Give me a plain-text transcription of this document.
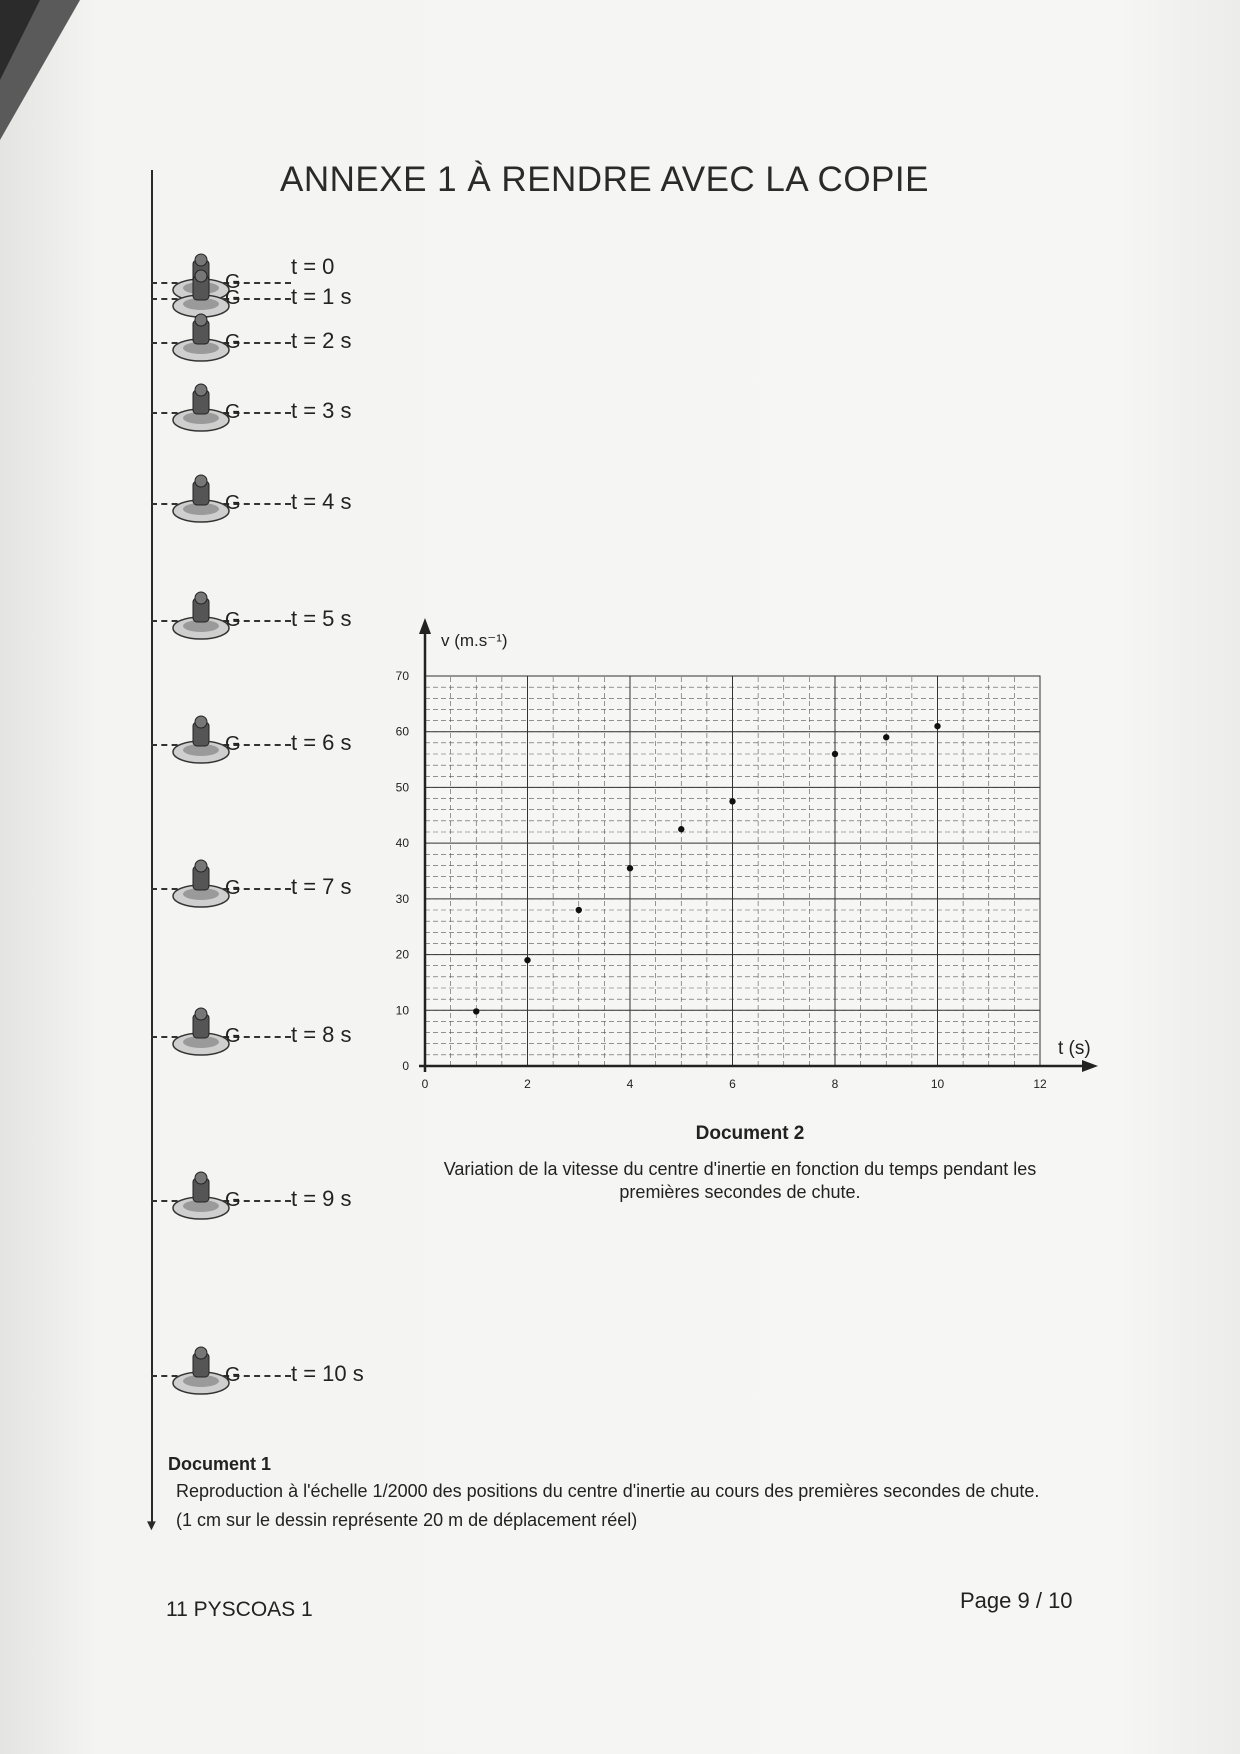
ANNEXE 1 À RENDRE AVEC LA COPIE
▼
G
t = 0
G t = 1 s
G t = 2 s
G t = 3 s
G t = 4 s
G t = 5 s
G t = 6 s
G t = 7 s
G t = 8 s
G t = 9 s
G t = 10 s
0
10
20
30
40
50
60
70
0	2	4	6	8	10	12
v (m.s⁻¹)
t (s)
Document 2
Variation de la vitesse du centre d'inertie en fonction du temps pendant les premières secondes de chute.
Document 1
Reproduction à l'échelle 1/2000 des positions du centre d'inertie au cours des premières secondes de chute.
(1 cm sur le dessin représente 20 m de déplacement réel)
11 PYSCOAS 1	Page 9 / 10
